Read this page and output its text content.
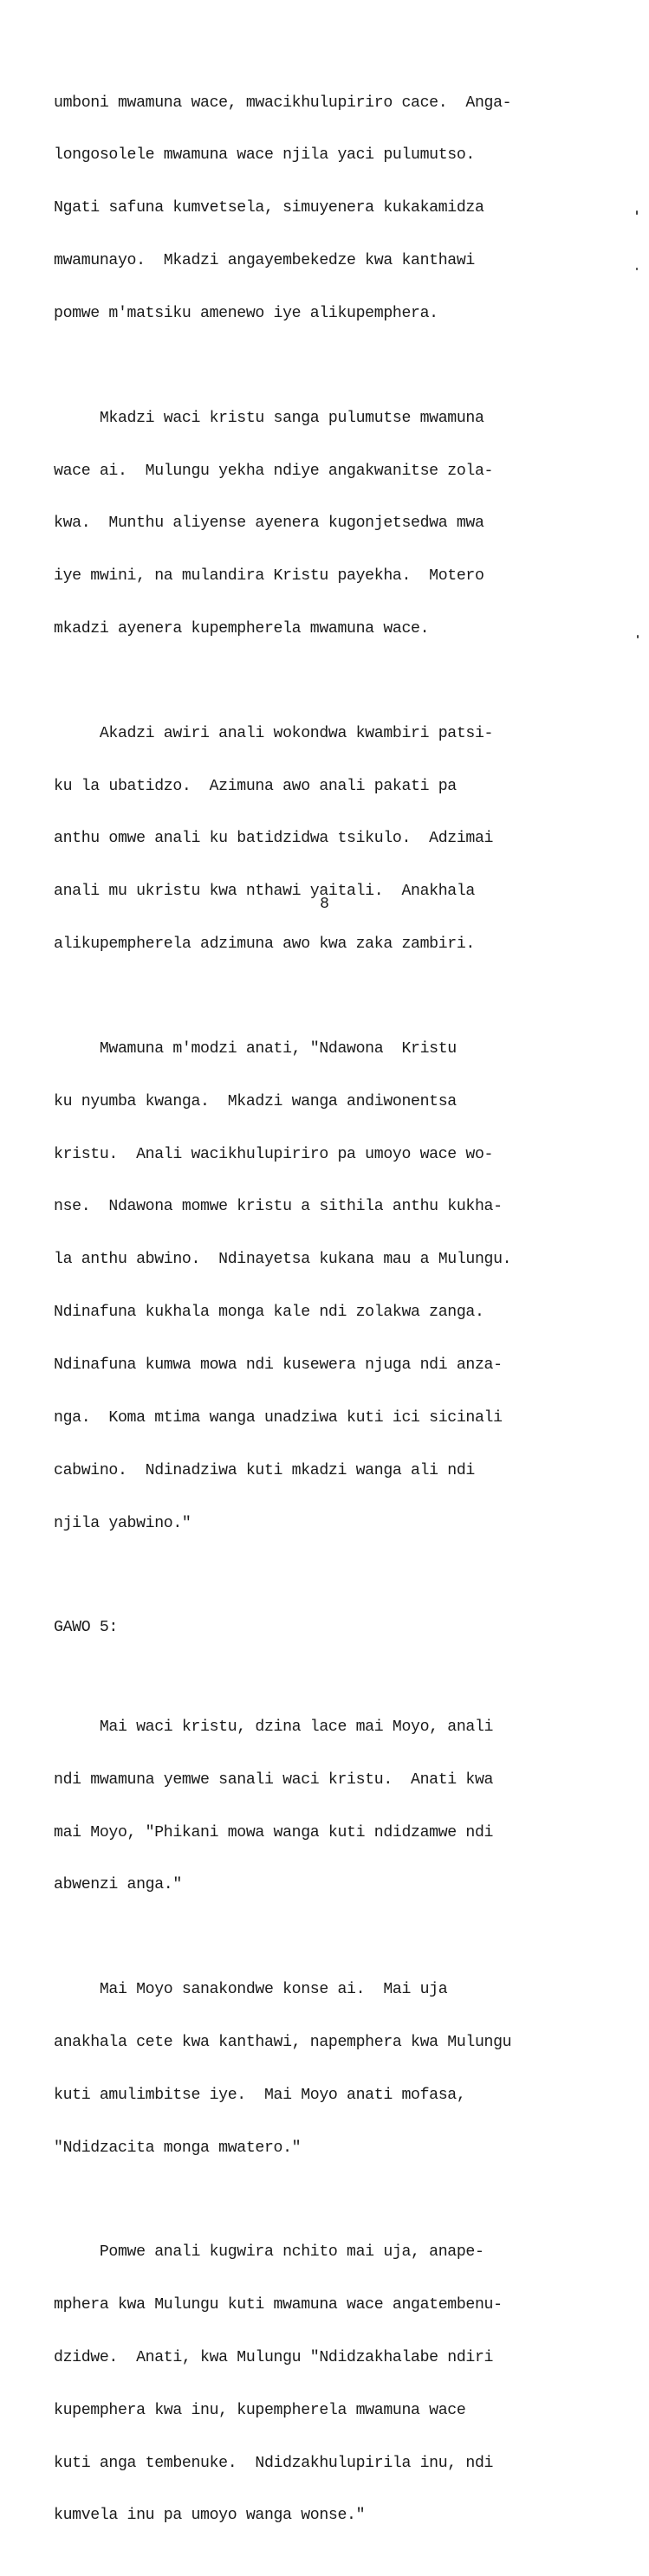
umboni mwamuna wace, mwacikhulupiriro cace.  Anga-

longosolele mwamuna wace njila yaci pulumutso.

Ngati safuna kumvetsela, simuyenera kukakamidza

mwamunayo.  Mkadzi angayembekedze kwa kanthawi

pomwe m'matsiku amenewo iye alikupemphera.

Mkadzi waci kristu sanga pulumutse mwamuna

wace ai.  Mulungu yekha ndiye angakwanitse zola-

kwa.  Munthu aliyense ayenera kugonjetsedwa mwa

iye mwini, na mulandira Kristu payekha.  Motero

mkadzi ayenera kupempherela mwamuna wace.

Akadzi awiri anali wokondwa kwambiri patsi-

ku la ubatidzo.  Azimuna awo anali pakati pa

anthu omwe anali ku batidzidwa tsikulo.  Adzimai

anali mu ukristu kwa nthawi yaitali.  Anakhala

alikupempherela adzimuna awo kwa zaka zambiri.

Mwamuna m'modzi anati, "Ndawona  Kristu

ku nyumba kwanga.  Mkadzi wanga andiwonentsa

kristu.  Anali wacikhulupiriro pa umoyo wace wo-

nse.  Ndawona momwe kristu a sithila anthu kukha-

la anthu abwino.  Ndinayetsa kukana mau a Mulungu.

Ndinafuna kukhala monga kale ndi zolakwa zanga.

Ndinafuna kumwa mowa ndi kusewera njuga ndi anza-

nga.  Koma mtima wanga unadziwa kuti ici sicinali

cabwino.  Ndinadziwa kuti mkadzi wanga ali ndi

njila yabwino."

GAWO 5:

Mai waci kristu, dzina lace mai Moyo, anali

ndi mwamuna yemwe sanali waci kristu.  Anati kwa

mai Moyo, "Phikani mowa wanga kuti ndidzamwe ndi

abwenzi anga."

Mai Moyo sanakondwe konse ai.  Mai uja

anakhala cete kwa kanthawi, napemphera kwa Mulungu

kuti amulimbitse iye.  Mai Moyo anati mofasa,

"Ndidzacita monga mwatero."

Pomwe anali kugwira nchito mai uja, anape-

mphera kwa Mulungu kuti mwamuna wace angatembenu-

dzidwe.  Anati, kwa Mulungu "Ndidzakhalabe ndiri

kupemphera kwa inu, kupempherela mwamuna wace

kuti anga tembenuke.  Ndidzakhulupirila inu, ndi

kumvela inu pa umoyo wanga wonse."

8
